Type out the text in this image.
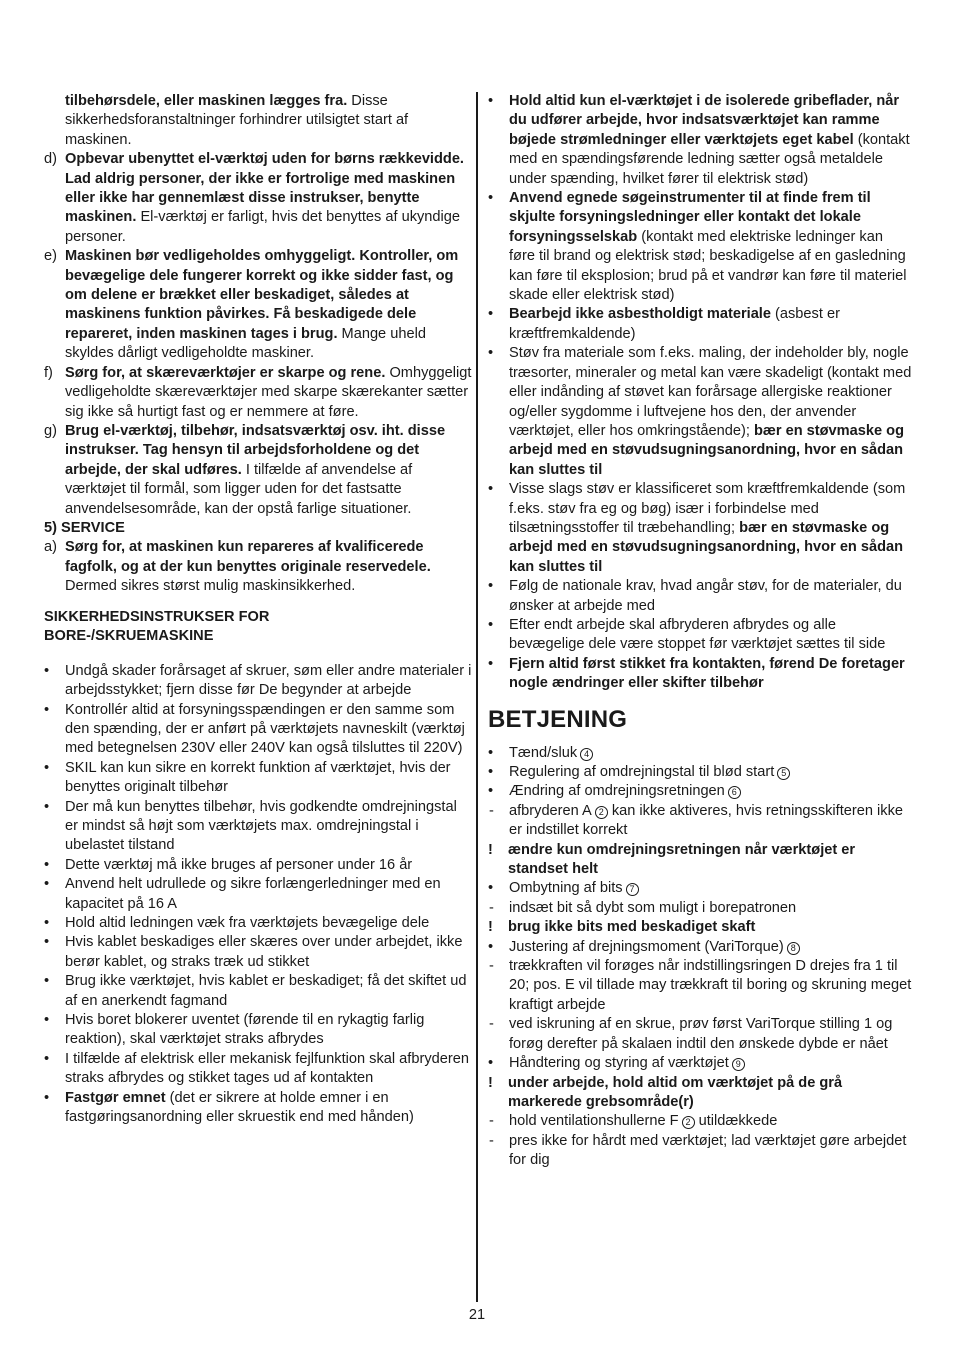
tilbehørsdele, eller maskinen lægges fra. Disse sikkerhedsforanstaltninger forhindrer utilsigtet start af maskinen.
d) Opbevar ubenyttet el-værktøj uden for børns rækkevidde. Lad aldrig personer, der ikke er fortrolige med maskinen eller ikke har gennemlæst disse instrukser, benytte maskinen. El-værktøj er farligt, hvis det benyttes af ukyndige personer.
e) Maskinen bør vedligeholdes omhyggeligt. Kontroller, om bevægelige dele fungerer korrekt og ikke sidder fast, og om delene er brækket eller beskadiget, således at maskinens funktion påvirkes. Få beskadigede dele repareret, inden maskinen tages i brug. Mange uheld skyldes dårligt vedligeholdte maskiner.
f) Sørg for, at skæreværktøjer er skarpe og rene. Omhyggeligt vedligeholdte skæreværktøjer med skarpe skærekanter sætter sig ikke så hurtigt fast og er nemmere at føre.
g) Brug el-værktøj, tilbehør, indsatsværktøj osv. iht. disse instrukser. Tag hensyn til arbejdsforholdene og det arbejde, der skal udføres. I tilfælde af anvendelse af værktøjet til formål, som ligger uden for det fastsatte anvendelsesområde, kan der opstå farlige situationer.
5) SERVICE
a) Sørg for, at maskinen kun repareres af kvalificerede fagfolk, og at der kun benyttes originale reservedele. Dermed sikres størst mulig maskinsikkerhed.
SIKKERHEDSINSTRUKSER FOR
BORE-/SKRUEMASKINE
•	Undgå skader forårsaget af skruer, søm eller andre materialer i arbejdsstykket; fjern disse før De begynder at arbejde
•	Kontrollér altid at forsyningsspændingen er den samme som den spænding, der er anført på værktøjets navneskilt (værktøj med betegnelsen 230V eller 240V kan også tilsluttes til 220V)
•	SKIL kan kun sikre en korrekt funktion af værktøjet, hvis der benyttes originalt tilbehør
•	Der må kun benyttes tilbehør, hvis godkendte omdrejningstal er mindst så højt som værktøjets max. omdrejningstal i ubelastet tilstand
•	Dette værktøj må ikke bruges af personer under 16 år
•	Anvend helt udrullede og sikre forlængerledninger med en kapacitet på 16 A
•	Hold altid ledningen væk fra værktøjets bevægelige dele
•	Hvis kablet beskadiges eller skæres over under arbejdet, ikke berør kablet, og straks træk ud stikket
•	Brug ikke værktøjet, hvis kablet er beskadiget; få det skiftet ud af en anerkendt fagmand
•	Hvis boret blokerer uventet (førende til en rykagtig farlig reaktion), skal værktøjet straks afbrydes
•	I tilfælde af elektrisk eller mekanisk fejlfunktion skal afbryderen straks afbrydes og stikket tages ud af kontakten
•	Fastgør emnet (det er sikrere at holde emner i en fastgøringsanordning eller skruestik end med hånden)
•	Hold altid kun el-værktøjet i de isolerede gribeflader, når du udfører arbejde, hvor indsatsværktøjet kan ramme bøjede strømledninger eller værktøjets eget kabel (kontakt med en spændingsførende ledning sætter også metaldele under spænding, hvilket fører til elektrisk stød)
•	Anvend egnede søgeinstrumenter til at finde frem til skjulte forsyningsledninger eller kontakt det lokale forsyningsselskab (kontakt med elektriske ledninger kan føre til brand og elektrisk stød; beskadigelse af en gasledning kan føre til eksplosion; brud på et vandrør kan føre til materiel skade eller elektrisk stød)
•	Bearbejd ikke asbestholdigt materiale (asbest er kræftfremkaldende)
•	Støv fra materiale som f.eks. maling, der indeholder bly, nogle træsorter, mineraler og metal kan være skadeligt (kontakt med eller indånding af støvet kan forårsage allergiske reaktioner og/eller sygdomme i luftvejene hos den, der anvender værktøjet, eller hos omkringstående); bær en støvmaske og arbejd med en støvudsugningsanordning, hvor en sådan kan sluttes til
•	Visse slags støv er klassificeret som kræftfremkaldende (som f.eks. støv fra eg og bøg) især i forbindelse med tilsætningsstoffer til træbehandling; bær en støvmaske og arbejd med en støvudsugningsanordning, hvor en sådan kan sluttes til
•	Følg de nationale krav, hvad angår støv, for de materialer, du ønsker at arbejde med
•	Efter endt arbejde skal afbryderen afbrydes og alle bevægelige dele være stoppet før værktøjet sættes til side
•	Fjern altid først stikket fra kontakten, førend De foretager nogle ændringer eller skifter tilbehør
BETJENING
•	Tænd/sluk 4
•	Regulering af omdrejningstal til blød start 5
•	Ændring af omdrejningsretningen 6
-	afbryderen A 2 kan ikke aktiveres, hvis retningsskifteren ikke er indstillet korrekt
!	ændre kun omdrejningsretningen når værktøjet er standset helt
•	Ombytning af bits 7
-	indsæt bit så dybt som muligt i borepatronen
!	brug ikke bits med beskadiget skaft
•	Justering af drejningsmoment (VariTorque) 8
-	trækkraften vil forøges når indstillingsringen D drejes fra 1 til 20; pos. E vil tillade may trækkraft til boring og skruning meget kraftigt arbejde
-	ved iskruning af en skrue, prøv først VariTorque stilling 1 og forøg derefter på skalaen indtil den ønskede dybde er nået
•	Håndtering og styring af værktøjet 9
!	under arbejde, hold altid om værktøjet på de grå markerede grebsområde(r)
-	hold ventilationshullerne F 2 utildækkede
-	pres ikke for hårdt med værktøjet; lad værktøjet gøre arbejdet for dig
21
